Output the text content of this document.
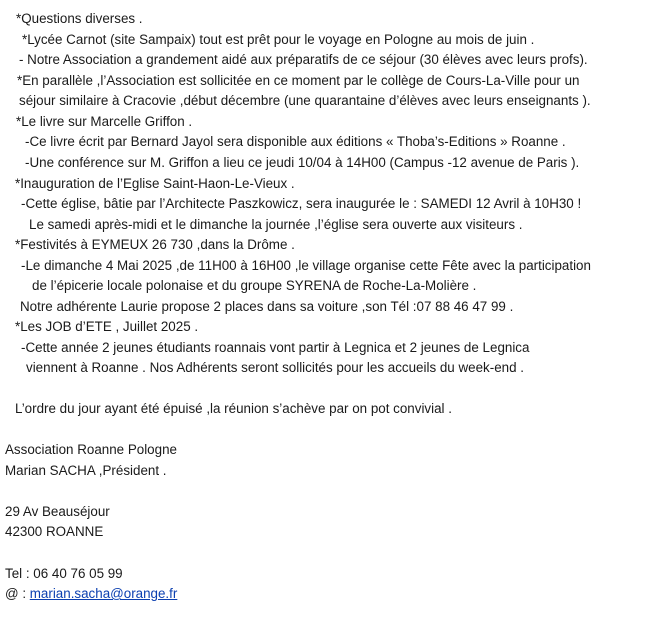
*Questions diverses .
*Lycée Carnot (site Sampaix) tout est prêt pour le voyage en Pologne au mois de juin .
- Notre Association a grandement aidé aux préparatifs de ce séjour (30 élèves avec leurs profs).
*En parallèle ,l’Association est sollicitée en ce moment par le collège de Cours-La-Ville pour un
séjour similaire à Cracovie ,début décembre (une quarantaine d’élèves avec leurs enseignants ).
*Le livre sur Marcelle Griffon .
-Ce livre écrit par Bernard Jayol sera disponible aux éditions « Thoba’s-Editions » Roanne .
-Une conférence sur M. Griffon a lieu ce jeudi 10/04 à 14H00 (Campus -12 avenue de Paris ).
*Inauguration de l’Eglise Saint-Haon-Le-Vieux .
-Cette église, bâtie par l’Architecte Paszkowicz, sera inaugurée le : SAMEDI 12 Avril à 10H30 !
Le samedi après-midi et le dimanche la journée ,l’église sera ouverte aux visiteurs .
*Festivités à EYMEUX 26 730 ,dans la Drôme .
-Le dimanche 4 Mai 2025 ,de 11H00 à 16H00 ,le village organise cette Fête avec la participation
de l’épicerie locale polonaise et du groupe SYRENA de Roche-La-Molière .
Notre adhérente Laurie propose 2 places dans sa voiture ,son Tél :07 88 46 47 99 .
*Les JOB d’ETE , Juillet 2025 .
-Cette année 2 jeunes étudiants roannais vont partir à Legnica et 2 jeunes de Legnica
viennent à Roanne . Nos Adhérents seront sollicités pour les accueils du week-end .
L’ordre du jour ayant été épuisé ,la réunion s’achève par on pot convivial .
Association Roanne Pologne
Marian SACHA ,Président .
29 Av Beauséjour
42300 ROANNE
Tel : 06 40 76 05 99
@ : marian.sacha@orange.fr
